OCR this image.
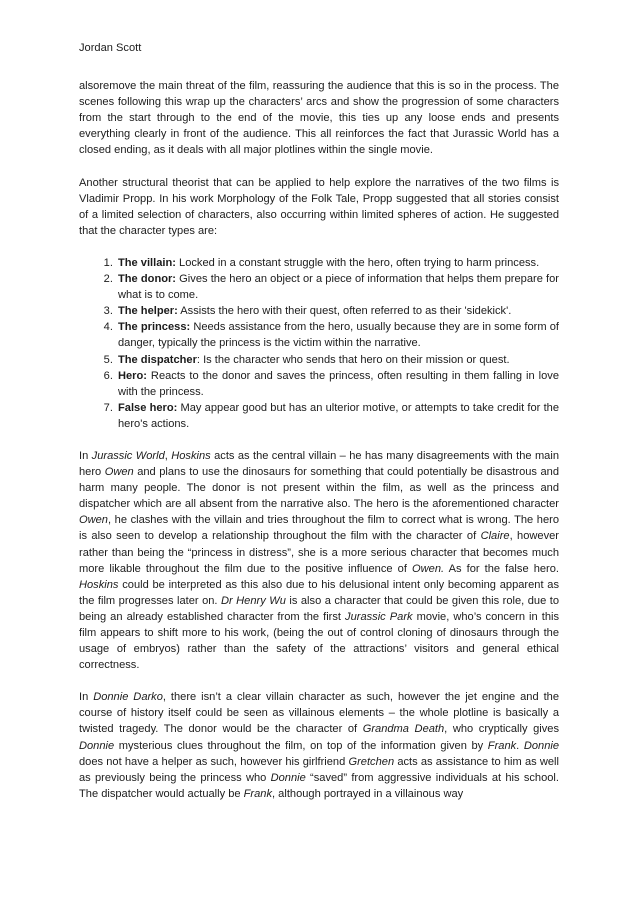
Jordan Scott

alsoremove the main threat of the film, reassuring the audience that this is so in the process. The scenes following this wrap up the characters’ arcs and show the progression of some characters from the start through to the end of the movie, this ties up any loose ends and presents everything clearly in front of the audience. This all reinforces the fact that Jurassic World has a closed ending, as it deals with all major plotlines within the single movie.

Another structural theorist that can be applied to help explore the narratives of the two films is Vladimir Propp. In his work Morphology of the Folk Tale, Propp suggested that all stories consist of a limited selection of characters, also occurring within limited spheres of action. He suggested that the character types are:

1. The villain: Locked in a constant struggle with the hero, often trying to harm princess.
2. The donor: Gives the hero an object or a piece of information that helps them prepare for what is to come.
3. The helper: Assists the hero with their quest, often referred to as their 'sidekick'.
4. The princess: Needs assistance from the hero, usually because they are in some form of danger, typically the princess is the victim within the narrative.
5. The dispatcher: Is the character who sends that hero on their mission or quest.
6. Hero: Reacts to the donor and saves the princess, often resulting in them falling in love with the princess.
7. False hero: May appear good but has an ulterior motive, or attempts to take credit for the hero's actions.

In Jurassic World, Hoskins acts as the central villain – he has many disagreements with the main hero Owen and plans to use the dinosaurs for something that could potentially be disastrous and harm many people. The donor is not present within the film, as well as the princess and dispatcher which are all absent from the narrative also. The hero is the aforementioned character Owen, he clashes with the villain and tries throughout the film to correct what is wrong. The hero is also seen to develop a relationship throughout the film with the character of Claire, however rather than being the “princess in distress”, she is a more serious character that becomes much more likable throughout the film due to the positive influence of Owen. As for the false hero. Hoskins could be interpreted as this also due to his delusional intent only becoming apparent as the film progresses later on. Dr Henry Wu is also a character that could be given this role, due to being an already established character from the first Jurassic Park movie, who’s concern in this film appears to shift more to his work, (being the out of control cloning of dinosaurs through the usage of embryos) rather than the safety of the attractions’ visitors and general ethical correctness.

In Donnie Darko, there isn’t a clear villain character as such, however the jet engine and the course of history itself could be seen as villainous elements – the whole plotline is basically a twisted tragedy. The donor would be the character of Grandma Death, who cryptically gives Donnie mysterious clues throughout the film, on top of the information given by Frank. Donnie does not have a helper as such, however his girlfriend Gretchen acts as assistance to him as well as previously being the princess who Donnie “saved” from aggressive individuals at his school. The dispatcher would actually be Frank, although portrayed in a villainous way
